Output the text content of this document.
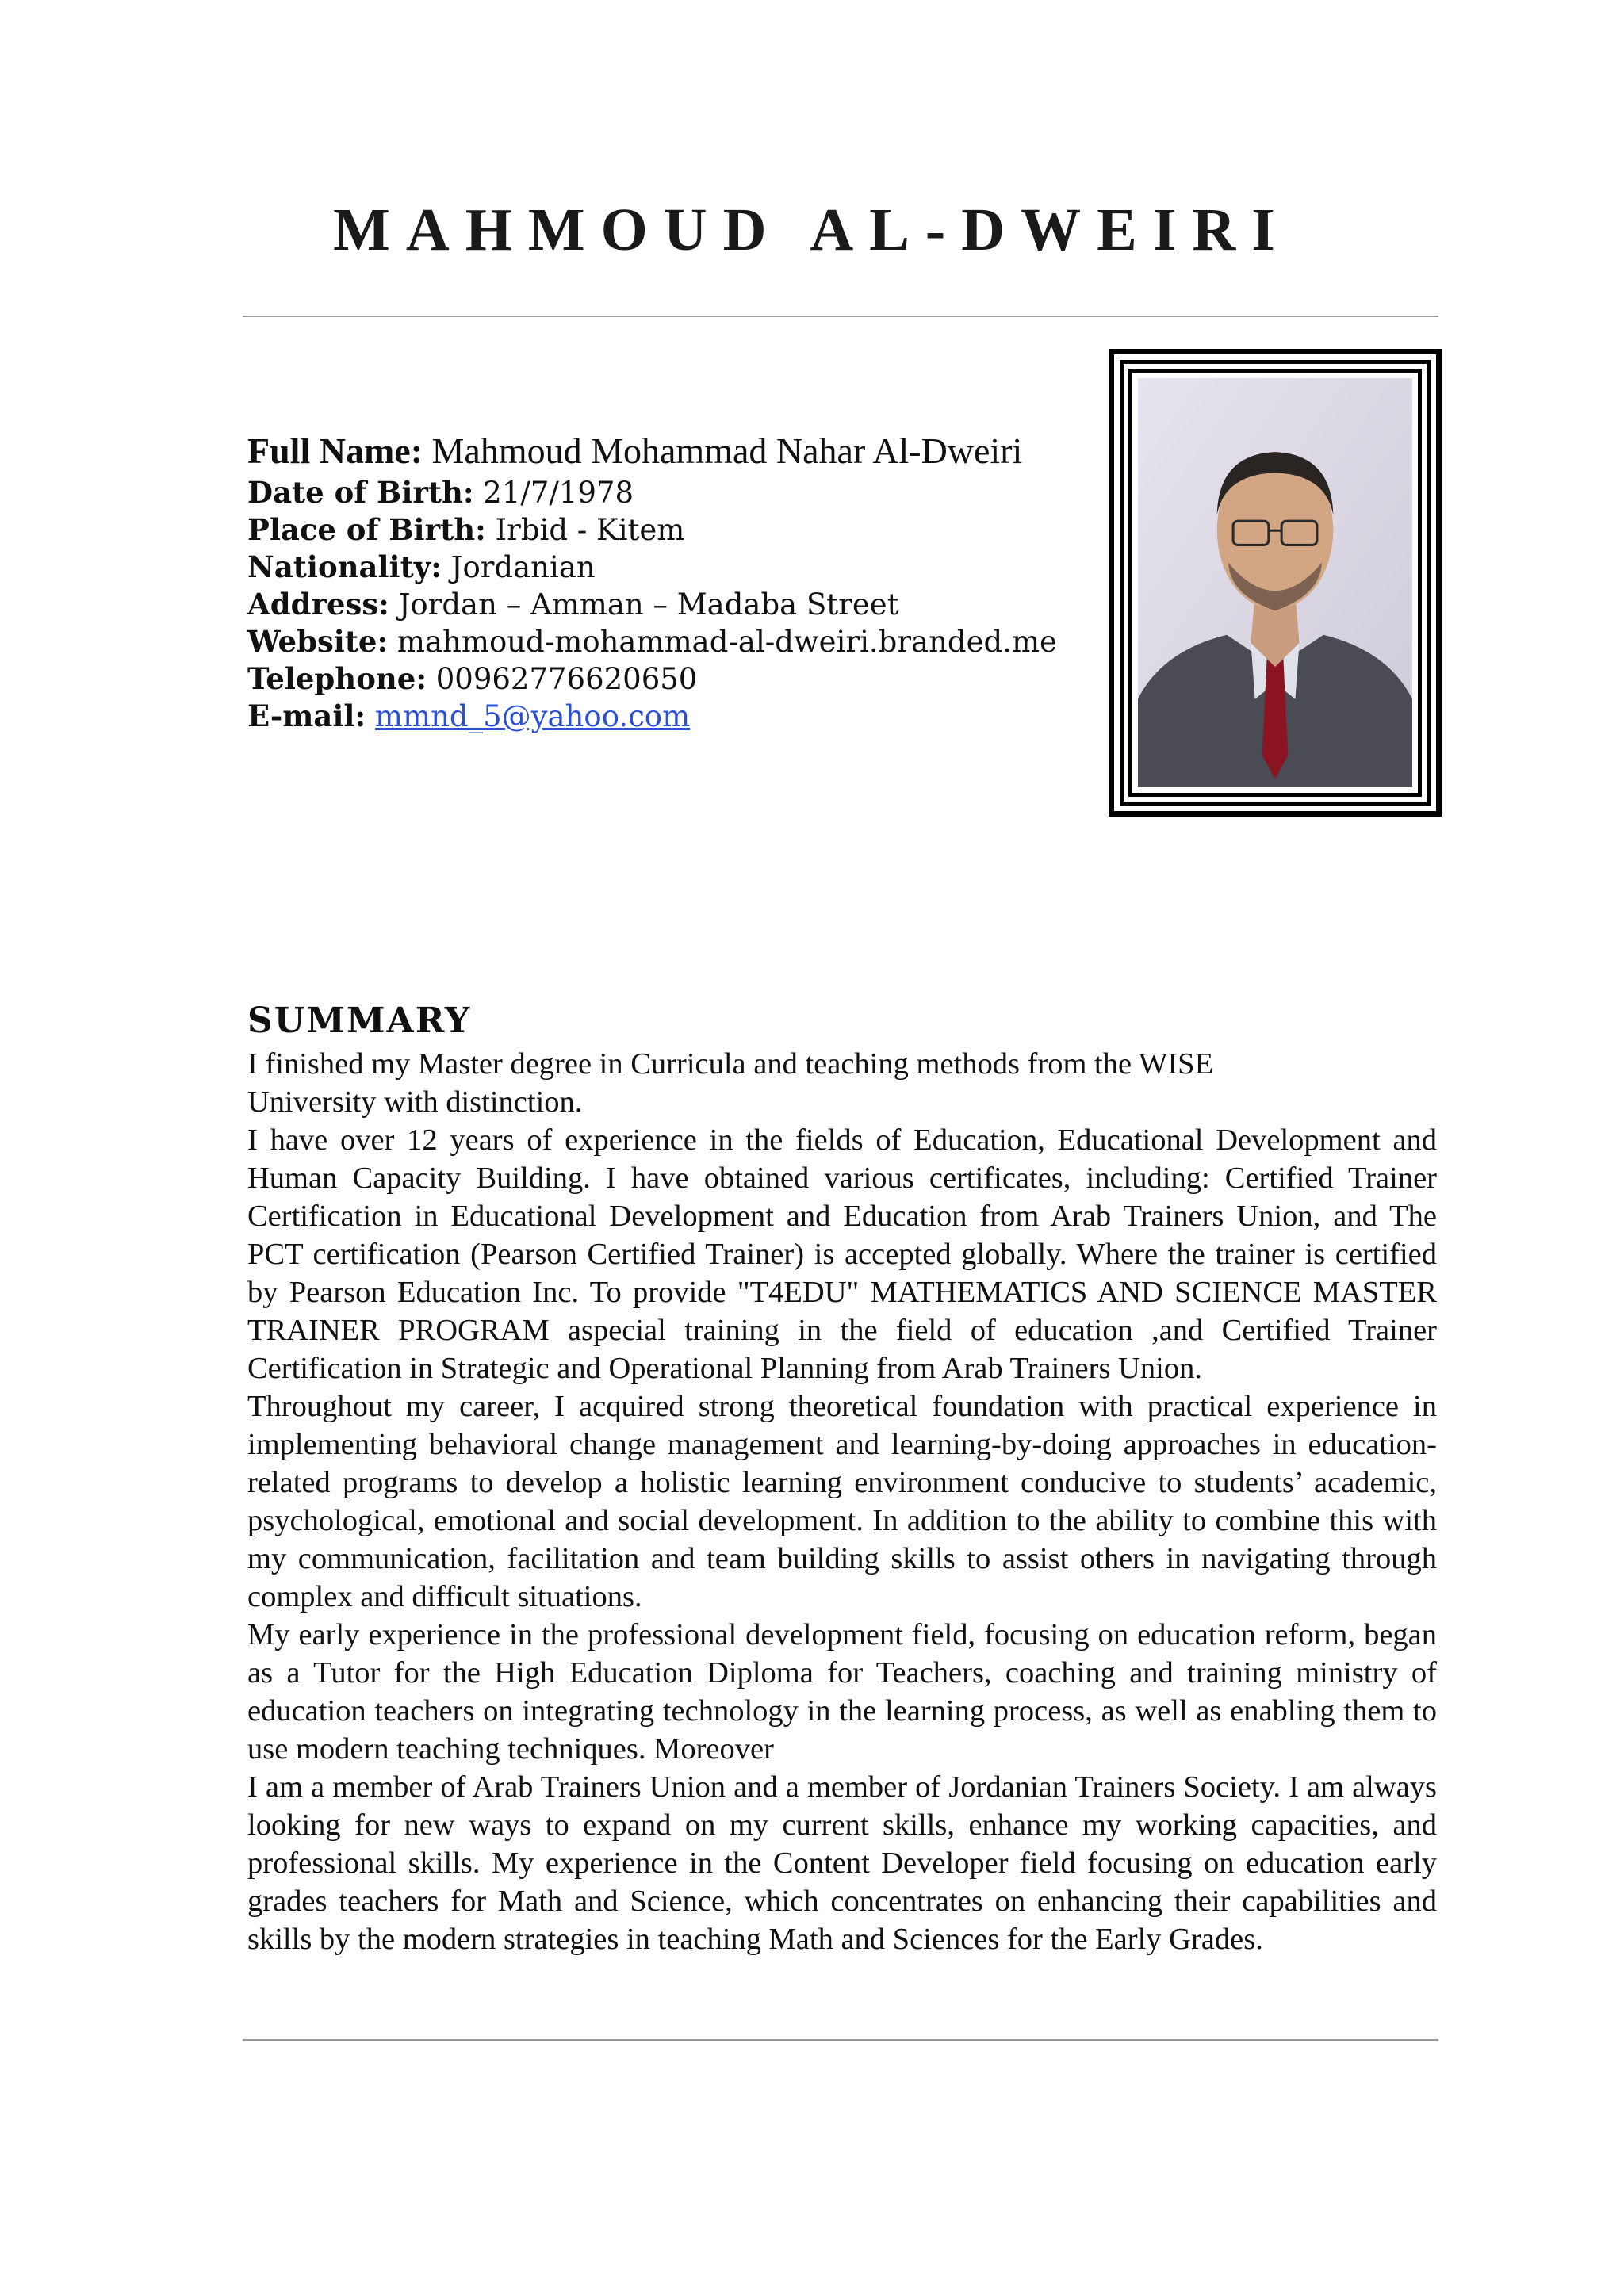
MAHMOUD AL-DWEIRI

Full Name: Mahmoud Mohammad Nahar Al-Dweiri

Date of Birth: 21/7/1978

Place of Birth: Irbid - Kitem

Nationality: Jordanian

Address: Jordan – Amman – Madaba Street

Website: mahmoud-mohammad-al-dweiri.branded.me

Telephone: 00962776620650

E-mail: mmnd_5@yahoo.com

SUMMARY

I finished my Master degree in Curricula and teaching methods from the WISE University with distinction.

I have over 12 years of experience in the fields of Education, Educational Development and Human Capacity Building. I have obtained various certificates, including: Certified Trainer Certification in Educational Development and Education from Arab Trainers Union, and The PCT certification (Pearson Certified Trainer) is accepted globally. Where the trainer is certified by Pearson Education Inc. To provide "T4EDU" MATHEMATICS AND SCIENCE MASTER TRAINER PROGRAM aspecial training in the field of education ,and Certified Trainer Certification in Strategic and Operational Planning from Arab Trainers Union.

Throughout my career, I acquired strong theoretical foundation with practical experience in implementing behavioral change management and learning-by-doing approaches in education-related programs to develop a holistic learning environment conducive to students’ academic, psychological, emotional and social development. In addition to the ability to combine this with my communication, facilitation and team building skills to assist others in navigating through complex and difficult situations.

My early experience in the professional development field, focusing on education reform, began as a Tutor for the High Education Diploma for Teachers, coaching and training ministry of education teachers on integrating technology in the learning process, as well as enabling them to use modern teaching techniques. Moreover

I am a member of Arab Trainers Union and a member of Jordanian Trainers Society. I am always looking for new ways to expand on my current skills, enhance my working capacities, and professional skills. My experience in the Content Developer field focusing on education early grades teachers for Math and Science, which concentrates on enhancing their capabilities and skills by the modern strategies in teaching Math and Sciences for the Early Grades.
